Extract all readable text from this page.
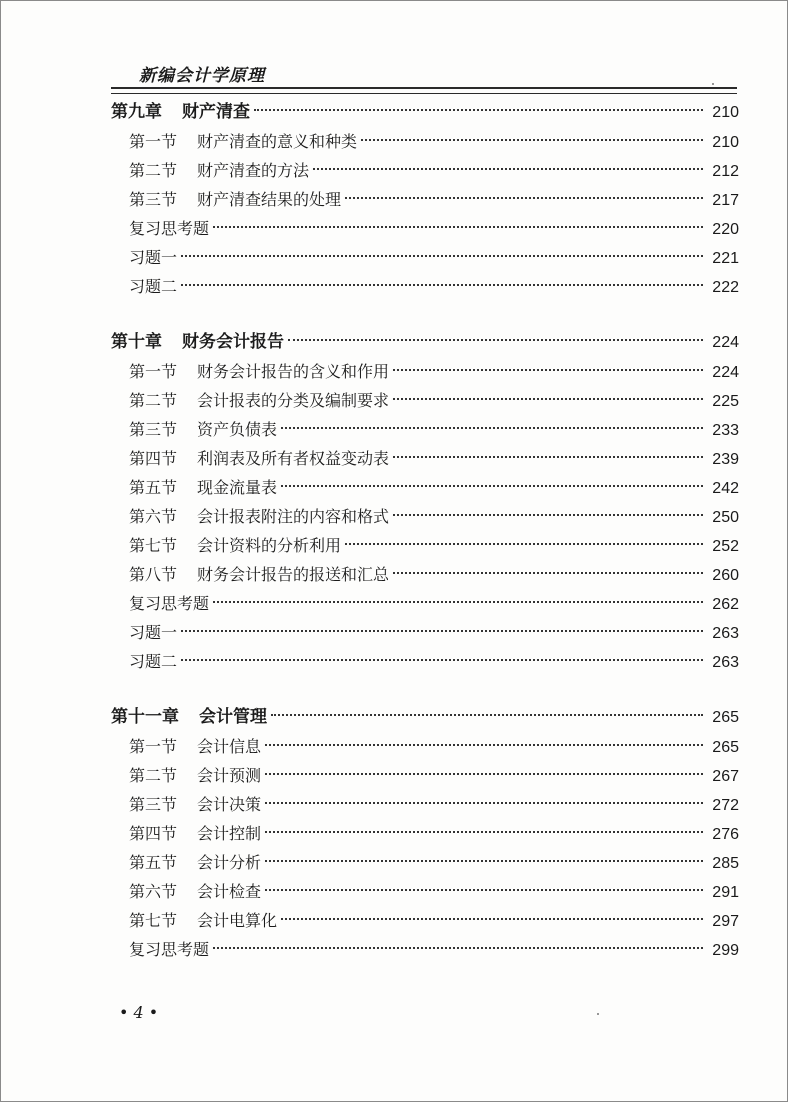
新编会计学原理
第九章 财产清查	210
第一节 财产清查的意义和种类	210
第二节 财产清查的方法	212
第三节 财产清查结果的处理	217
复习思考题	220
习题一	221
习题二	222
第十章 财务会计报告	224
第一节 财务会计报告的含义和作用	224
第二节 会计报表的分类及编制要求	225
第三节 资产负债表	233
第四节 利润表及所有者权益变动表	239
第五节 现金流量表	242
第六节 会计报表附注的内容和格式	250
第七节 会计资料的分析利用	252
第八节 财务会计报告的报送和汇总	260
复习思考题	262
习题一	263
习题二	263
第十一章 会计管理	265
第一节 会计信息	265
第二节 会计预测	267
第三节 会计决策	272
第四节 会计控制	276
第五节 会计分析	285
第六节 会计检查	291
第七节 会计电算化	297
复习思考题	299
• 4 •
